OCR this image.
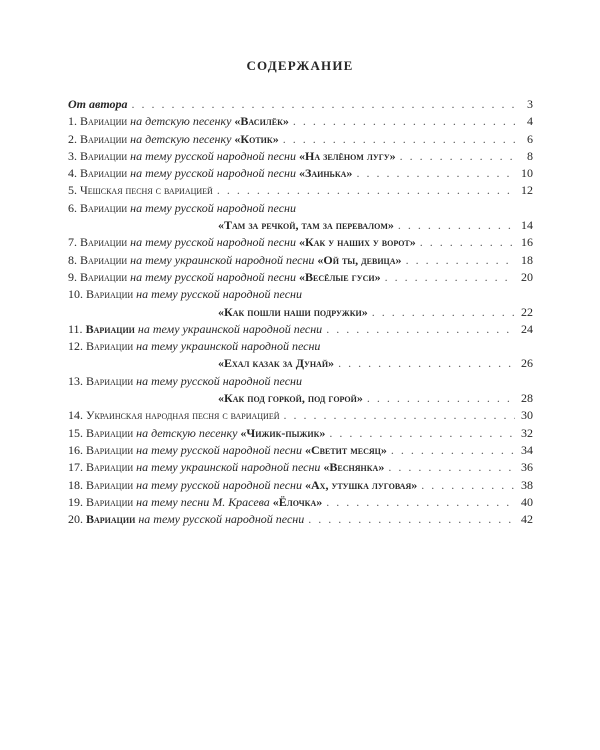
СОДЕРЖАНИЕ
От автора . . .	3
1. Вариации на детскую песенку «Василёк» . . .	4
2. Вариации на детскую песенку «Котик» . . .	6
3. Вариации на тему русской народной песни «На зелёном лугу» . . .	8
4. Вариации на тему русской народной песни «Заинька» . . .	10
5. Чешская песня с вариацией . . .	12
6. Вариации на тему русской народной песни
«Там за речкой, там за перевалом» . . .	14
7. Вариации на тему русской народной песни «Как у наших у ворот» . . .	16
8. Вариации на тему украинской народной песни «Ой ты, девица» . . .	18
9. Вариации на тему русской народной песни «Весёлые гуси» . . .	20
10. Вариации на тему русской народной песни
«Как пошли наши подружки» . . .	22
11. Вариации на тему украинской народной песни . . .	24
12. Вариации на тему украинской народной песни
«Ехал казак за Дунай» . . .	26
13. Вариации на тему русской народной песни
«Как под горкой, под горой» . . .	28
14. Украинская народная песня с вариацией . . .	30
15. Вариации на детскую песенку «Чижик-пыжик» . . .	32
16. Вариации на тему русской народной песни «Светит месяц» . . .	34
17. Вариации на тему украинской народной песни «Веснянка» . . .	36
18. Вариации на тему русской народной песни «Ах, утушка луговая» . . .	38
19. Вариации на тему песни М. Красева «Ёлочка» . . .	40
20. Вариации на тему русской народной песни . . .	42
